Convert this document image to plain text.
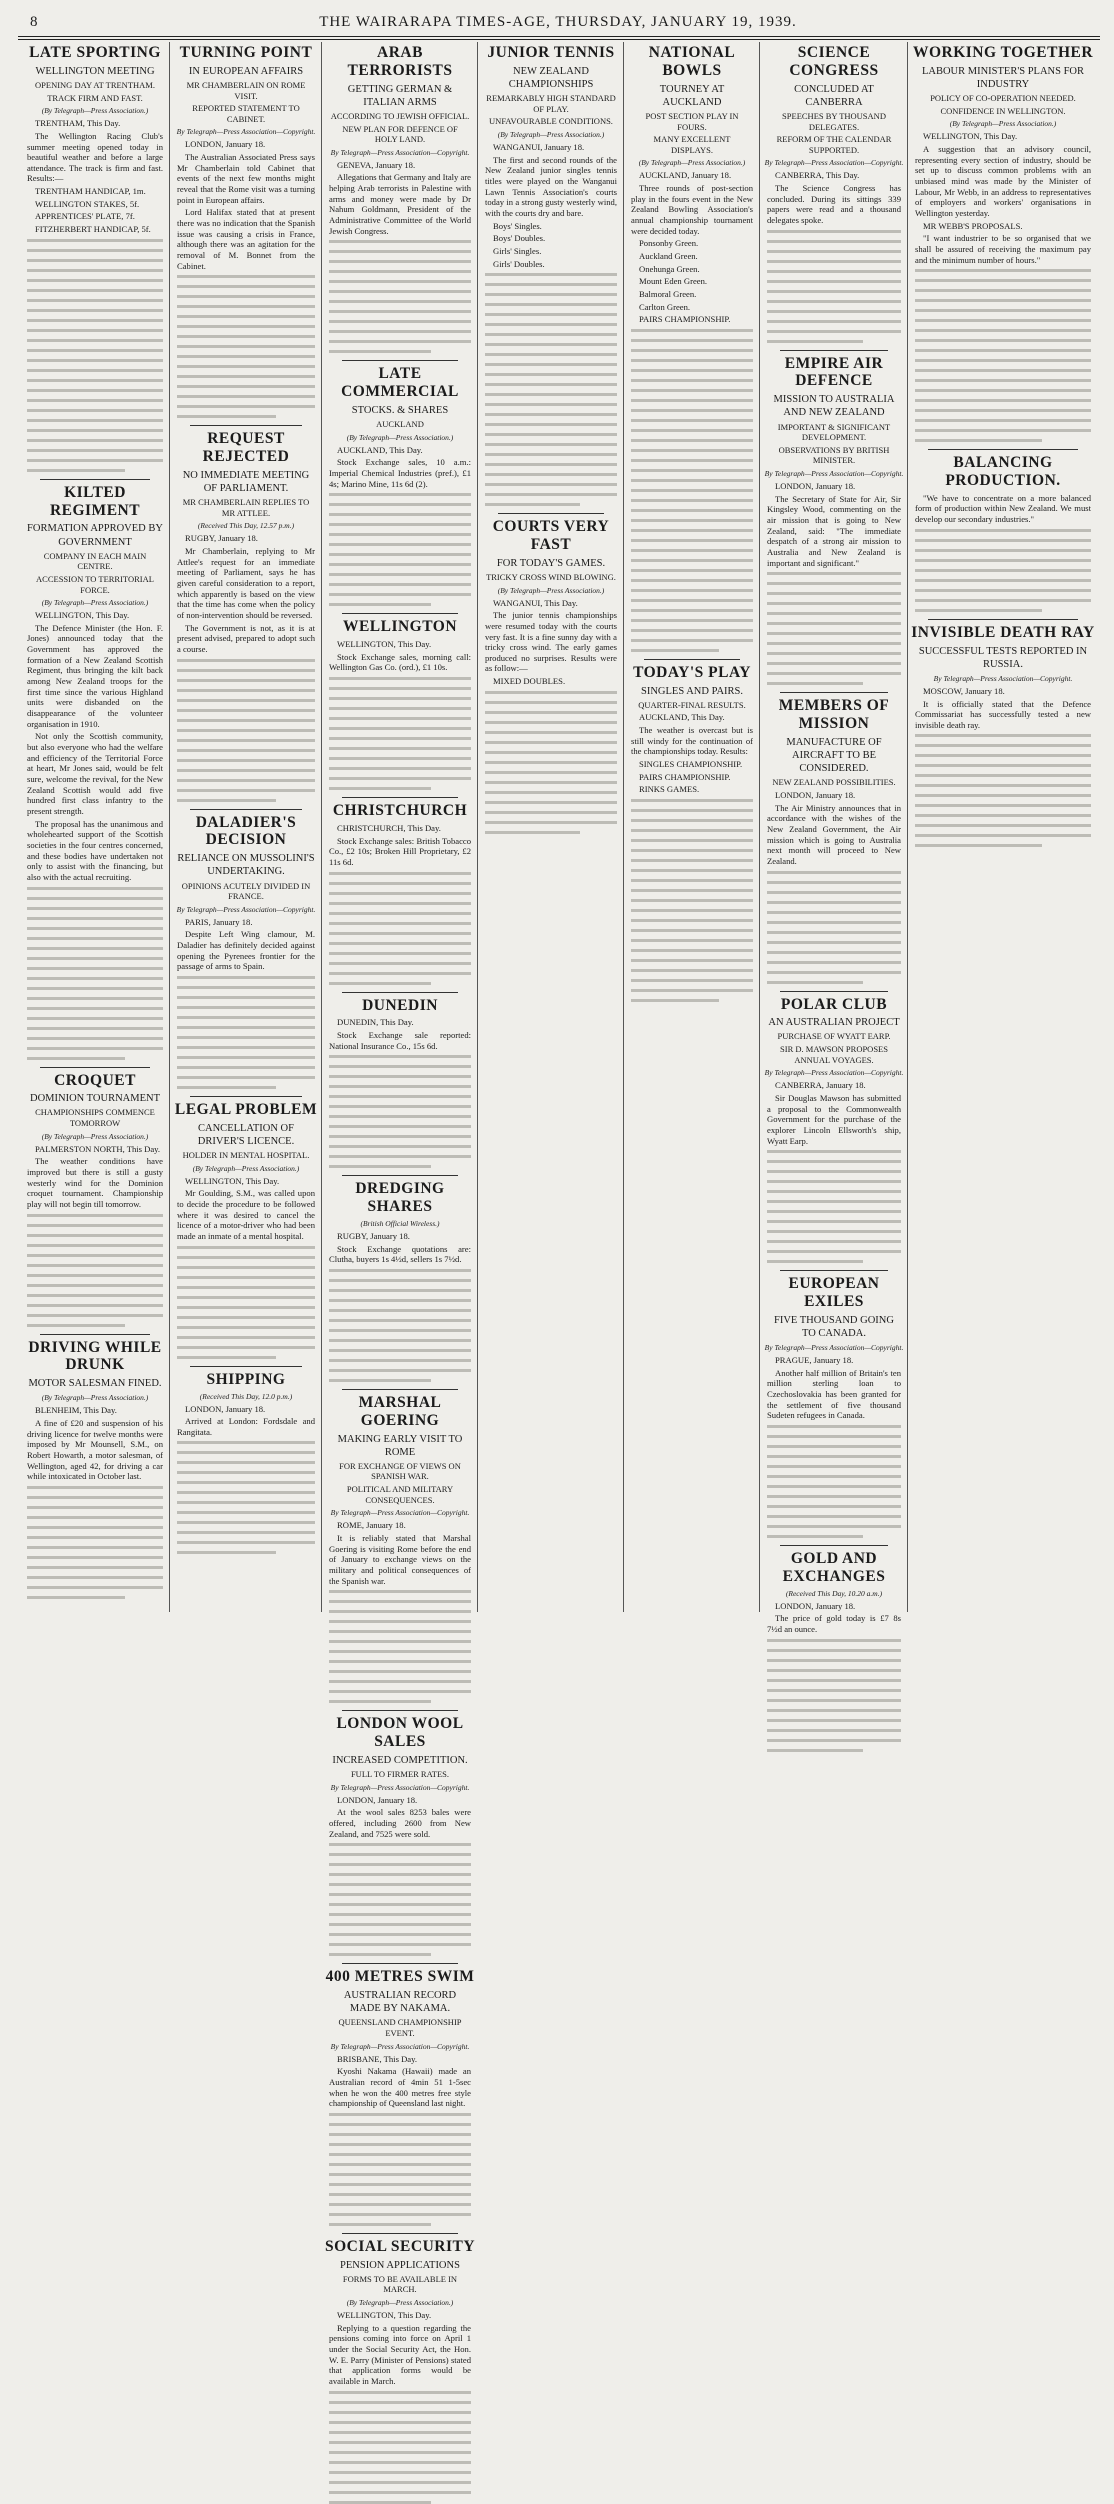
8	THE WAIRARAPA TIMES-AGE, THURSDAY, JANUARY 19, 1939.
LATE SPORTING
WELLINGTON MEETING
OPENING DAY AT TRENTHAM.
TRACK FIRM AND FAST.
(By Telegraph—Press Association.)
TRENTHAM, This Day.
The Wellington Racing Club's summer meeting opened today in beautiful weather and before a large attendance. The track is firm and fast. Results:—
TRENTHAM HANDICAP, 1m.
WELLINGTON STAKES, 5f.
APPRENTICES' PLATE, 7f.
FITZHERBERT HANDICAP, 5f.
KILTED REGIMENT
FORMATION APPROVED BY GOVERNMENT
COMPANY IN EACH MAIN CENTRE.
ACCESSION TO TERRITORIAL FORCE.
(By Telegraph—Press Association.)
WELLINGTON, This Day.
The Defence Minister (the Hon. F. Jones) announced today that the Government has approved the formation of a New Zealand Scottish Regiment, thus bringing the kilt back among New Zealand troops for the first time since the various Highland units were disbanded on the disappearance of the volunteer organisation in 1910.
Not only the Scottish community, but also everyone who had the welfare and efficiency of the Territorial Force at heart, Mr Jones said, would be felt sure, welcome the revival, for the New Zealand Scottish would add five hundred first class infantry to the present strength.
The proposal has the unanimous and wholehearted support of the Scottish societies in the four centres concerned, and these bodies have undertaken not only to assist with the financing, but also with the actual recruiting.
CROQUET
DOMINION TOURNAMENT
CHAMPIONSHIPS COMMENCE TOMORROW
(By Telegraph—Press Association.)
PALMERSTON NORTH, This Day.
The weather conditions have improved but there is still a gusty westerly wind for the Dominion croquet tournament. Championship play will not begin till tomorrow.
DRIVING WHILE DRUNK
MOTOR SALESMAN FINED.
(By Telegraph—Press Association.)
BLENHEIM, This Day.
A fine of £20 and suspension of his driving licence for twelve months were imposed by Mr Mounsell, S.M., on Robert Howarth, a motor salesman, of Wellington, aged 42, for driving a car while intoxicated in October last.
TURNING POINT
IN EUROPEAN AFFAIRS
MR CHAMBERLAIN ON ROME VISIT.
REPORTED STATEMENT TO CABINET.
By Telegraph—Press Association—Copyright.
LONDON, January 18.
The Australian Associated Press says Mr Chamberlain told Cabinet that events of the next few months might reveal that the Rome visit was a turning point in European affairs.
Lord Halifax stated that at present there was no indication that the Spanish issue was causing a crisis in France, although there was an agitation for the removal of M. Bonnet from the Cabinet.
REQUEST REJECTED
NO IMMEDIATE MEETING OF PARLIAMENT.
MR CHAMBERLAIN REPLIES TO MR ATTLEE.
(Received This Day, 12.57 p.m.)
RUGBY, January 18.
Mr Chamberlain, replying to Mr Attlee's request for an immediate meeting of Parliament, says he has given careful consideration to a report, which apparently is based on the view that the time has come when the policy of non-intervention should be reversed.
The Government is not, as it is at present advised, prepared to adopt such a course.
DALADIER'S DECISION
RELIANCE ON MUSSOLINI'S UNDERTAKING.
OPINIONS ACUTELY DIVIDED IN FRANCE.
By Telegraph—Press Association—Copyright.
PARIS, January 18.
Despite Left Wing clamour, M. Daladier has definitely decided against opening the Pyrenees frontier for the passage of arms to Spain.
LEGAL PROBLEM
CANCELLATION OF DRIVER'S LICENCE.
HOLDER IN MENTAL HOSPITAL.
(By Telegraph—Press Association.)
WELLINGTON, This Day.
Mr Goulding, S.M., was called upon to decide the procedure to be followed where it was desired to cancel the licence of a motor-driver who had been made an inmate of a mental hospital.
SHIPPING
(Received This Day, 12.0 p.m.)
LONDON, January 18.
Arrived at London: Fordsdale and Rangitata.
ARAB TERRORISTS
GETTING GERMAN & ITALIAN ARMS
ACCORDING TO JEWISH OFFICIAL.
NEW PLAN FOR DEFENCE OF HOLY LAND.
By Telegraph—Press Association—Copyright.
GENEVA, January 18.
Allegations that Germany and Italy are helping Arab terrorists in Palestine with arms and money were made by Dr Nahum Goldmann, President of the Administrative Committee of the World Jewish Congress.
LATE COMMERCIAL
STOCKS. & SHARES
AUCKLAND
(By Telegraph—Press Association.)
AUCKLAND, This Day.
Stock Exchange sales, 10 a.m.: Imperial Chemical Industries (pref.), £1 4s; Marino Mine, 11s 6d (2).
WELLINGTON
WELLINGTON, This Day.
Stock Exchange sales, morning call: Wellington Gas Co. (ord.), £1 10s.
CHRISTCHURCH
CHRISTCHURCH, This Day.
Stock Exchange sales: British Tobacco Co., £2 10s; Broken Hill Proprietary, £2 11s 6d.
DUNEDIN
DUNEDIN, This Day.
Stock Exchange sale reported: National Insurance Co., 15s 6d.
DREDGING SHARES
(British Official Wireless.)
RUGBY, January 18.
Stock Exchange quotations are: Clutha, buyers 1s 4½d, sellers 1s 7½d.
MARSHAL GOERING
MAKING EARLY VISIT TO ROME
FOR EXCHANGE OF VIEWS ON SPANISH WAR.
POLITICAL AND MILITARY CONSEQUENCES.
By Telegraph—Press Association—Copyright.
ROME, January 18.
It is reliably stated that Marshal Goering is visiting Rome before the end of January to exchange views on the military and political consequences of the Spanish war.
LONDON WOOL SALES
INCREASED COMPETITION.
FULL TO FIRMER RATES.
By Telegraph—Press Association—Copyright.
LONDON, January 18.
At the wool sales 8253 bales were offered, including 2600 from New Zealand, and 7525 were sold.
400 METRES SWIM
AUSTRALIAN RECORD MADE BY NAKAMA.
QUEENSLAND CHAMPIONSHIP EVENT.
By Telegraph—Press Association—Copyright.
BRISBANE, This Day.
Kyoshi Nakama (Hawaii) made an Australian record of 4min 51 1-5sec when he won the 400 metres free style championship of Queensland last night.
SOCIAL SECURITY
PENSION APPLICATIONS
FORMS TO BE AVAILABLE IN MARCH.
(By Telegraph—Press Association.)
WELLINGTON, This Day.
Replying to a question regarding the pensions coming into force on April 1 under the Social Security Act, the Hon. W. E. Parry (Minister of Pensions) stated that application forms would be available in March.
JUNIOR TENNIS
NEW ZEALAND CHAMPIONSHIPS
REMARKABLY HIGH STANDARD OF PLAY.
UNFAVOURABLE CONDITIONS.
(By Telegraph—Press Association.)
WANGANUI, January 18.
The first and second rounds of the New Zealand junior singles tennis titles were played on the Wanganui Lawn Tennis Association's courts today in a strong gusty westerly wind, with the courts dry and bare.
Boys' Singles.
Boys' Doubles.
Girls' Singles.
Girls' Doubles.
COURTS VERY FAST
FOR TODAY'S GAMES.
TRICKY CROSS WIND BLOWING.
(By Telegraph—Press Association.)
WANGANUI, This Day.
The junior tennis championships were resumed today with the courts very fast. It is a fine sunny day with a tricky cross wind. The early games produced no surprises. Results were as follow:—
MIXED DOUBLES.
NATIONAL BOWLS
TOURNEY AT AUCKLAND
POST SECTION PLAY IN FOURS.
MANY EXCELLENT DISPLAYS.
(By Telegraph—Press Association.)
AUCKLAND, January 18.
Three rounds of post-section play in the fours event in the New Zealand Bowling Association's annual championship tournament were decided today.
Ponsonby Green.
Auckland Green.
Onehunga Green.
Mount Eden Green.
Balmoral Green.
Carlton Green.
PAIRS CHAMPIONSHIP.
TODAY'S PLAY
SINGLES AND PAIRS.
QUARTER-FINAL RESULTS.
AUCKLAND, This Day.
The weather is overcast but is still windy for the continuation of the championships today. Results:
SINGLES CHAMPIONSHIP.
PAIRS CHAMPIONSHIP.
RINKS GAMES.
SCIENCE CONGRESS
CONCLUDED AT CANBERRA
SPEECHES BY THOUSAND DELEGATES.
REFORM OF THE CALENDAR SUPPORTED.
By Telegraph—Press Association—Copyright.
CANBERRA, This Day.
The Science Congress has concluded. During its sittings 339 papers were read and a thousand delegates spoke.
EMPIRE AIR DEFENCE
MISSION TO AUSTRALIA AND NEW ZEALAND
IMPORTANT & SIGNIFICANT DEVELOPMENT.
OBSERVATIONS BY BRITISH MINISTER.
By Telegraph—Press Association—Copyright.
LONDON, January 18.
The Secretary of State for Air, Sir Kingsley Wood, commenting on the air mission that is going to New Zealand, said: "The immediate despatch of a strong air mission to Australia and New Zealand is important and significant."
MEMBERS OF MISSION
MANUFACTURE OF AIRCRAFT TO BE CONSIDERED.
NEW ZEALAND POSSIBILITIES.
LONDON, January 18.
The Air Ministry announces that in accordance with the wishes of the New Zealand Government, the Air mission which is going to Australia next month will proceed to New Zealand.
POLAR CLUB
AN AUSTRALIAN PROJECT
PURCHASE OF WYATT EARP.
SIR D. MAWSON PROPOSES ANNUAL VOYAGES.
By Telegraph—Press Association—Copyright.
CANBERRA, January 18.
Sir Douglas Mawson has submitted a proposal to the Commonwealth Government for the purchase of the explorer Lincoln Ellsworth's ship, Wyatt Earp.
EUROPEAN EXILES
FIVE THOUSAND GOING TO CANADA.
By Telegraph—Press Association—Copyright.
PRAGUE, January 18.
Another half million of Britain's ten million sterling loan to Czechoslovakia has been granted for the settlement of five thousand Sudeten refugees in Canada.
GOLD AND EXCHANGES
(Received This Day, 10.20 a.m.)
LONDON, January 18.
The price of gold today is £7 8s 7½d an ounce.
WORKING TOGETHER
LABOUR MINISTER'S PLANS FOR INDUSTRY
POLICY OF CO-OPERATION NEEDED.
CONFIDENCE IN WELLINGTON.
(By Telegraph—Press Association.)
WELLINGTON, This Day.
A suggestion that an advisory council, representing every section of industry, should be set up to discuss common problems with an unbiased mind was made by the Minister of Labour, Mr Webb, in an address to representatives of employers and workers' organisations in Wellington yesterday.
MR WEBB'S PROPOSALS.
"I want industrier to be so organised that we shall be assured of receiving the maximum pay and the minimum number of hours."
BALANCING PRODUCTION.
"We have to concentrate on a more balanced form of production within New Zealand. We must develop our secondary industries."
INVISIBLE DEATH RAY
SUCCESSFUL TESTS REPORTED IN RUSSIA.
By Telegraph—Press Association—Copyright.
MOSCOW, January 18.
It is officially stated that the Defence Commissariat has successfully tested a new invisible death ray.
